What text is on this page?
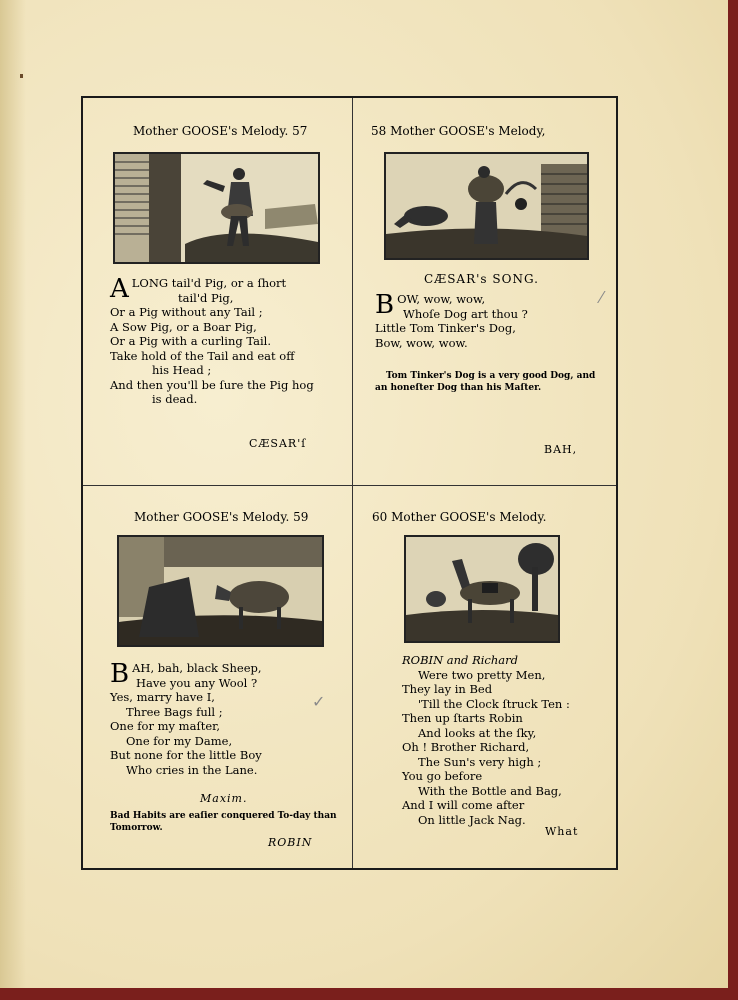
Mother GOOSE's Melody. 57
A LONG tail'd Pig, or a ſhort
tail'd Pig,
Or a Pig without any Tail ;
A Sow Pig, or a Boar Pig,
Or a Pig with a curling Tail.
Take hold of the Tail and eat off
his Head ;
And then you'll be ſure the Pig hog
is dead.
CÆSAR'ſ
58 Mother GOOSE's Melody,
CÆSAR's SONG.
B OW, wow, wow,
Whoſe Dog art thou ?
Little Tom Tinker's Dog,
Bow, wow, wow.
Tom Tinker's Dog is a very good Dog, and
an honeſter Dog than his Maſter.
BAH,
⁄
Mother GOOSE's Melody. 59
B AH, bah, black Sheep,
Have you any Wool ?
Yes, marry have I,
Three Bags full ;
One for my maſter,
One for my Dame,
But none for the little Boy
Who cries in the Lane.
Maxim.
Bad Habits are eaſier conquered To-day than
Tomorrow.
ROBIN
✓
60 Mother GOOSE's Melody.
ROBIN and Richard
Were two pretty Men,
They lay in Bed
'Till the Clock ſtruck Ten :
Then up ſtarts Robin
And looks at the ſky,
Oh ! Brother Richard,
The Sun's very high ;
You go before
With the Bottle and Bag,
And I will come after
On little Jack Nag.
What
